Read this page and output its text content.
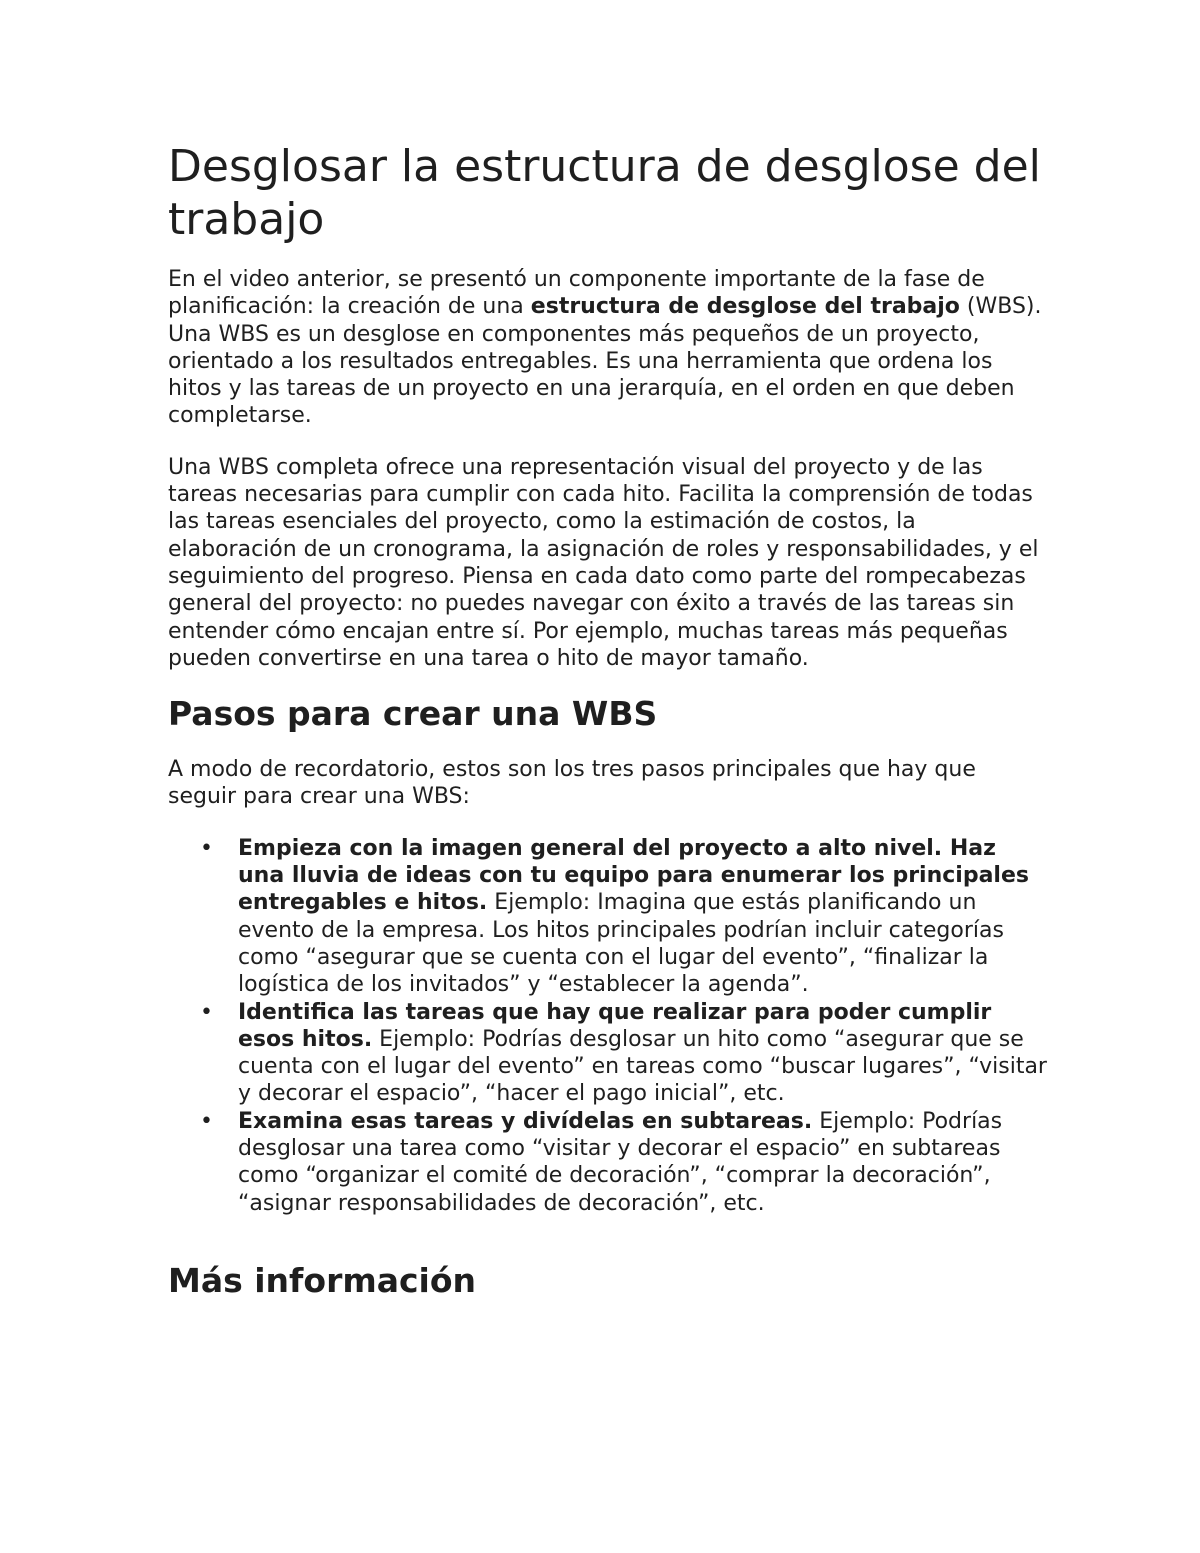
Desglosar la estructura de desglose del trabajo

En el video anterior, se presentó un componente importante de la fase de planificación: la creación de una estructura de desglose del trabajo (WBS). Una WBS es un desglose en componentes más pequeños de un proyecto, orientado a los resultados entregables. Es una herramienta que ordena los hitos y las tareas de un proyecto en una jerarquía, en el orden en que deben completarse.

Una WBS completa ofrece una representación visual del proyecto y de las tareas necesarias para cumplir con cada hito. Facilita la comprensión de todas las tareas esenciales del proyecto, como la estimación de costos, la elaboración de un cronograma, la asignación de roles y responsabilidades, y el seguimiento del progreso. Piensa en cada dato como parte del rompecabezas general del proyecto: no puedes navegar con éxito a través de las tareas sin entender cómo encajan entre sí. Por ejemplo, muchas tareas más pequeñas pueden convertirse en una tarea o hito de mayor tamaño.

Pasos para crear una WBS

A modo de recordatorio, estos son los tres pasos principales que hay que seguir para crear una WBS:

• Empieza con la imagen general del proyecto a alto nivel. Haz una lluvia de ideas con tu equipo para enumerar los principales entregables e hitos. Ejemplo: Imagina que estás planificando un evento de la empresa. Los hitos principales podrían incluir categorías como “asegurar que se cuenta con el lugar del evento”, “finalizar la logística de los invitados” y “establecer la agenda”.
• Identifica las tareas que hay que realizar para poder cumplir esos hitos. Ejemplo: Podrías desglosar un hito como “asegurar que se cuenta con el lugar del evento” en tareas como “buscar lugares”, “visitar y decorar el espacio”, “hacer el pago inicial”, etc.
• Examina esas tareas y divídelas en subtareas. Ejemplo: Podrías desglosar una tarea como “visitar y decorar el espacio” en subtareas como “organizar el comité de decoración”, “comprar la decoración”, “asignar responsabilidades de decoración”, etc.
Más información
